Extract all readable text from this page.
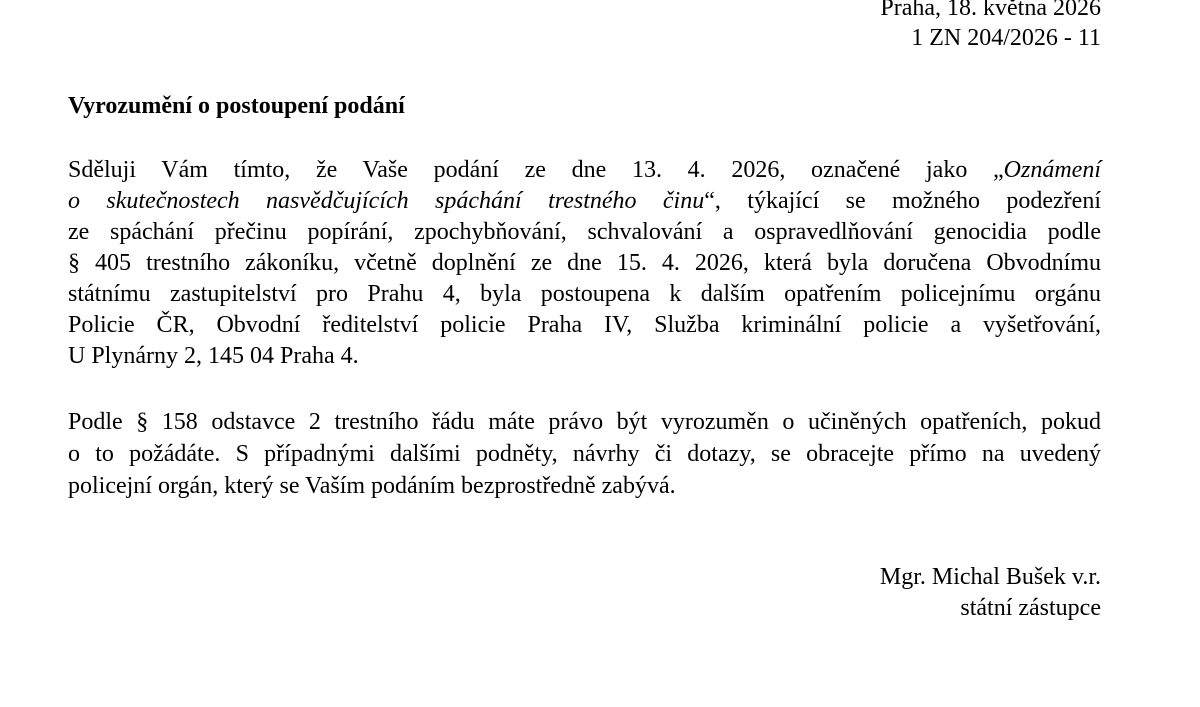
Praha, 18. května 2026
1 ZN 204/2026 - 11
Vyrozumění o postoupení podání
Sděluji Vám tímto, že Vaše podání ze dne 13. 4. 2026, označené jako „Oznámení
o skutečnostech nasvědčujících spáchání trestného činu“, týkající se možného podezření
ze spáchání přečinu popírání, zpochybňování, schvalování a ospravedlňování genocidia podle
§ 405 trestního zákoníku, včetně doplnění ze dne 15. 4. 2026, která byla doručena Obvodnímu
státnímu zastupitelství pro Prahu 4, byla postoupena k dalším opatřením policejnímu orgánu
Policie ČR, Obvodní ředitelství policie Praha IV, Služba kriminální policie a vyšetřování,
U Plynárny 2, 145 04 Praha 4.
Podle § 158 odstavce 2 trestního řádu máte právo být vyrozuměn o učiněných opatřeních, pokud
o to požádáte. S případnými dalšími podněty, návrhy či dotazy, se obracejte přímo na uvedený
policejní orgán, který se Vaším podáním bezprostředně zabývá.
Mgr. Michal Bušek v.r.
státní zástupce
